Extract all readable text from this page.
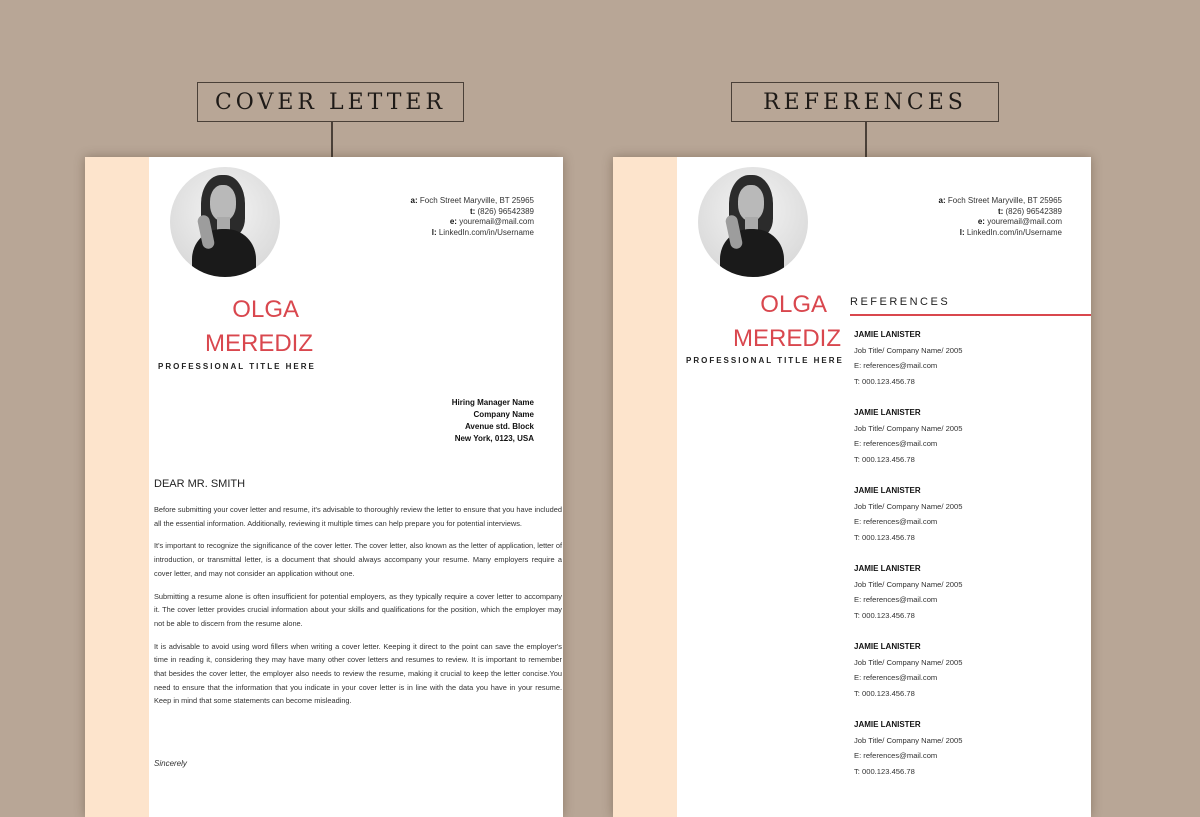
COVER LETTER	REFERENCES
a: Foch Street Maryville, BT 25965
t: (826) 96542389
e: youremail@mail.com
l: LinkedIn.com/in/Username
OLGA
MEREDIZ
PROFESSIONAL TITLE HERE
Hiring Manager Name
Company Name
Avenue std. Block
New York, 0123, USA
DEAR MR. SMITH

Before submitting your cover letter and resume, it's advisable to thoroughly review the letter to ensure that you have included all the essential information. Additionally, reviewing it multiple times can help prepare you for potential interviews.

It's important to recognize the significance of the cover letter. The cover letter, also known as the letter of application, letter of introduction, or transmittal letter, is a document that should always accompany your resume. Many employers require a cover letter, and may not consider an application without one.

Submitting a resume alone is often insufficient for potential employers, as they typically require a cover letter to accompany it. The cover letter provides crucial information about your skills and qualifications for the position, which the employer may not be able to discern from the resume alone.

It is advisable to avoid using word fillers when writing a cover letter. Keeping it direct to the point can save the employer's time in reading it, considering they may have many other cover letters and resumes to review. It is important to remember that besides the cover letter, the employer also needs to review the resume, making it crucial to keep the letter concise.You need to ensure that the information that you indicate in your cover letter is in line with the data you have in your resume. Keep in mind that some statements can become misleading.

Sincerely
a: Foch Street Maryville, BT 25965
t: (826) 96542389
e: youremail@mail.com
l: LinkedIn.com/in/Username
OLGA
MEREDIZ
PROFESSIONAL TITLE HERE
REFERENCES
JAMIE LANISTER
Job Title/ Company Name/ 2005
E: references@mail.com
T: 000.123.456.78
JAMIE LANISTER
Job Title/ Company Name/ 2005
E: references@mail.com
T: 000.123.456.78
JAMIE LANISTER
Job Title/ Company Name/ 2005
E: references@mail.com
T: 000.123.456.78
JAMIE LANISTER
Job Title/ Company Name/ 2005
E: references@mail.com
T: 000.123.456.78
JAMIE LANISTER
Job Title/ Company Name/ 2005
E: references@mail.com
T: 000.123.456.78
JAMIE LANISTER
Job Title/ Company Name/ 2005
E: references@mail.com
T: 000.123.456.78
